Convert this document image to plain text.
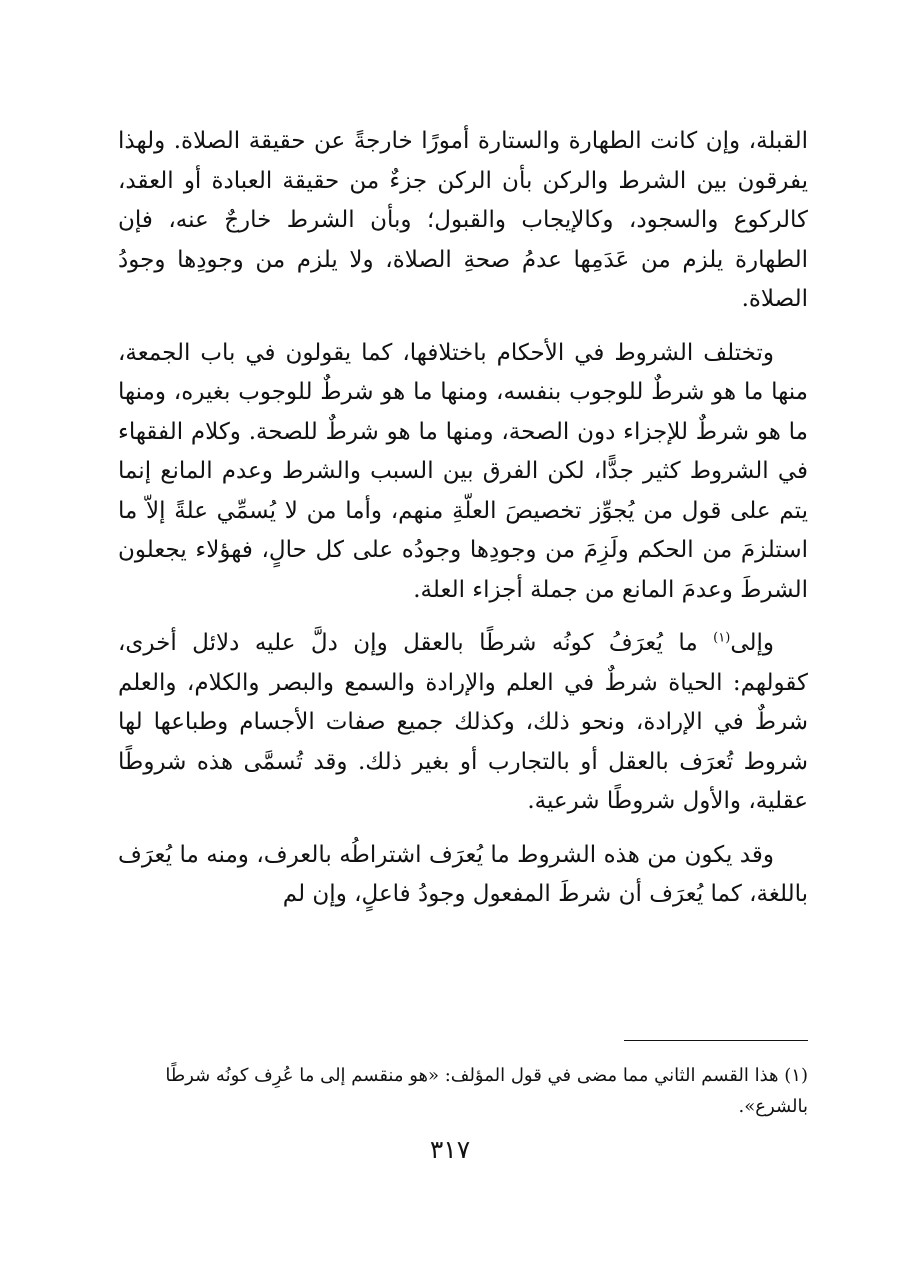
القبلة، وإن كانت الطهارة والستارة أمورًا خارجةً عن حقيقة الصلاة. ولهذا يفرقون بين الشرط والركن بأن الركن جزءٌ من حقيقة العبادة أو العقد، كالركوع والسجود، وكالإيجاب والقبول؛ وبأن الشرط خارجٌ عنه، فإن الطهارة يلزم من عَدَمِها عدمُ صحةِ الصلاة، ولا يلزم من وجودِها وجودُ الصلاة.

وتختلف الشروط في الأحكام باختلافها، كما يقولون في باب الجمعة، منها ما هو شرطٌ للوجوب بنفسه، ومنها ما هو شرطٌ للوجوب بغيره، ومنها ما هو شرطٌ للإجزاء دون الصحة، ومنها ما هو شرطٌ للصحة. وكلام الفقهاء في الشروط كثير جدًّا، لكن الفرق بين السبب والشرط وعدم المانع إنما يتم على قول من يُجوِّز تخصيصَ العلّةِ منهم، وأما من لا يُسمِّي علةً إلاّ ما استلزمَ من الحكم ولَزِمَ من وجودِها وجودُه على كل حالٍ، فهؤلاء يجعلون الشرطَ وعدمَ المانع من جملة أجزاء العلة.

وإلى$^{(١)}$ ما يُعرَفُ كونُه شرطًا بالعقل وإن دلَّ عليه دلائل أخرى، كقولهم: الحياة شرطٌ في العلم والإرادة والسمع والبصر والكلام، والعلم شرطٌ في الإرادة، ونحو ذلك، وكذلك جميع صفات الأجسام وطباعها لها شروط تُعرَف بالعقل أو بالتجارب أو بغير ذلك. وقد تُسمَّى هذه شروطًا عقلية، والأول شروطًا شرعية.

وقد يكون من هذه الشروط ما يُعرَف اشتراطُه بالعرف، ومنه ما يُعرَف باللغة، كما يُعرَف أن شرطَ المفعول وجودُ فاعلٍ، وإن لم

(١) هذا القسم الثاني مما مضى في قول المؤلف: «هو منقسم إلى ما عُرِف كونُه شرطًا بالشرع».
٣١٧
